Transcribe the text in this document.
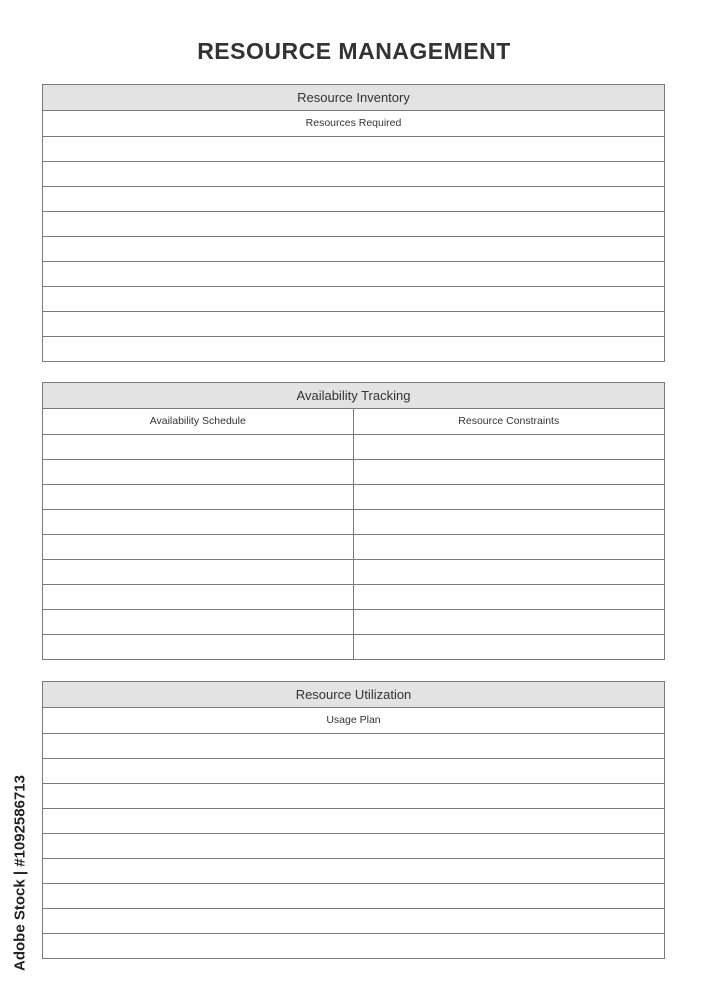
RESOURCE MANAGEMENT
Resource Inventory
Resources Required
Availability Tracking
Availability Schedule	Resource Constraints
Resource Utilization
Usage Plan
Adobe Stock | #1092586713
